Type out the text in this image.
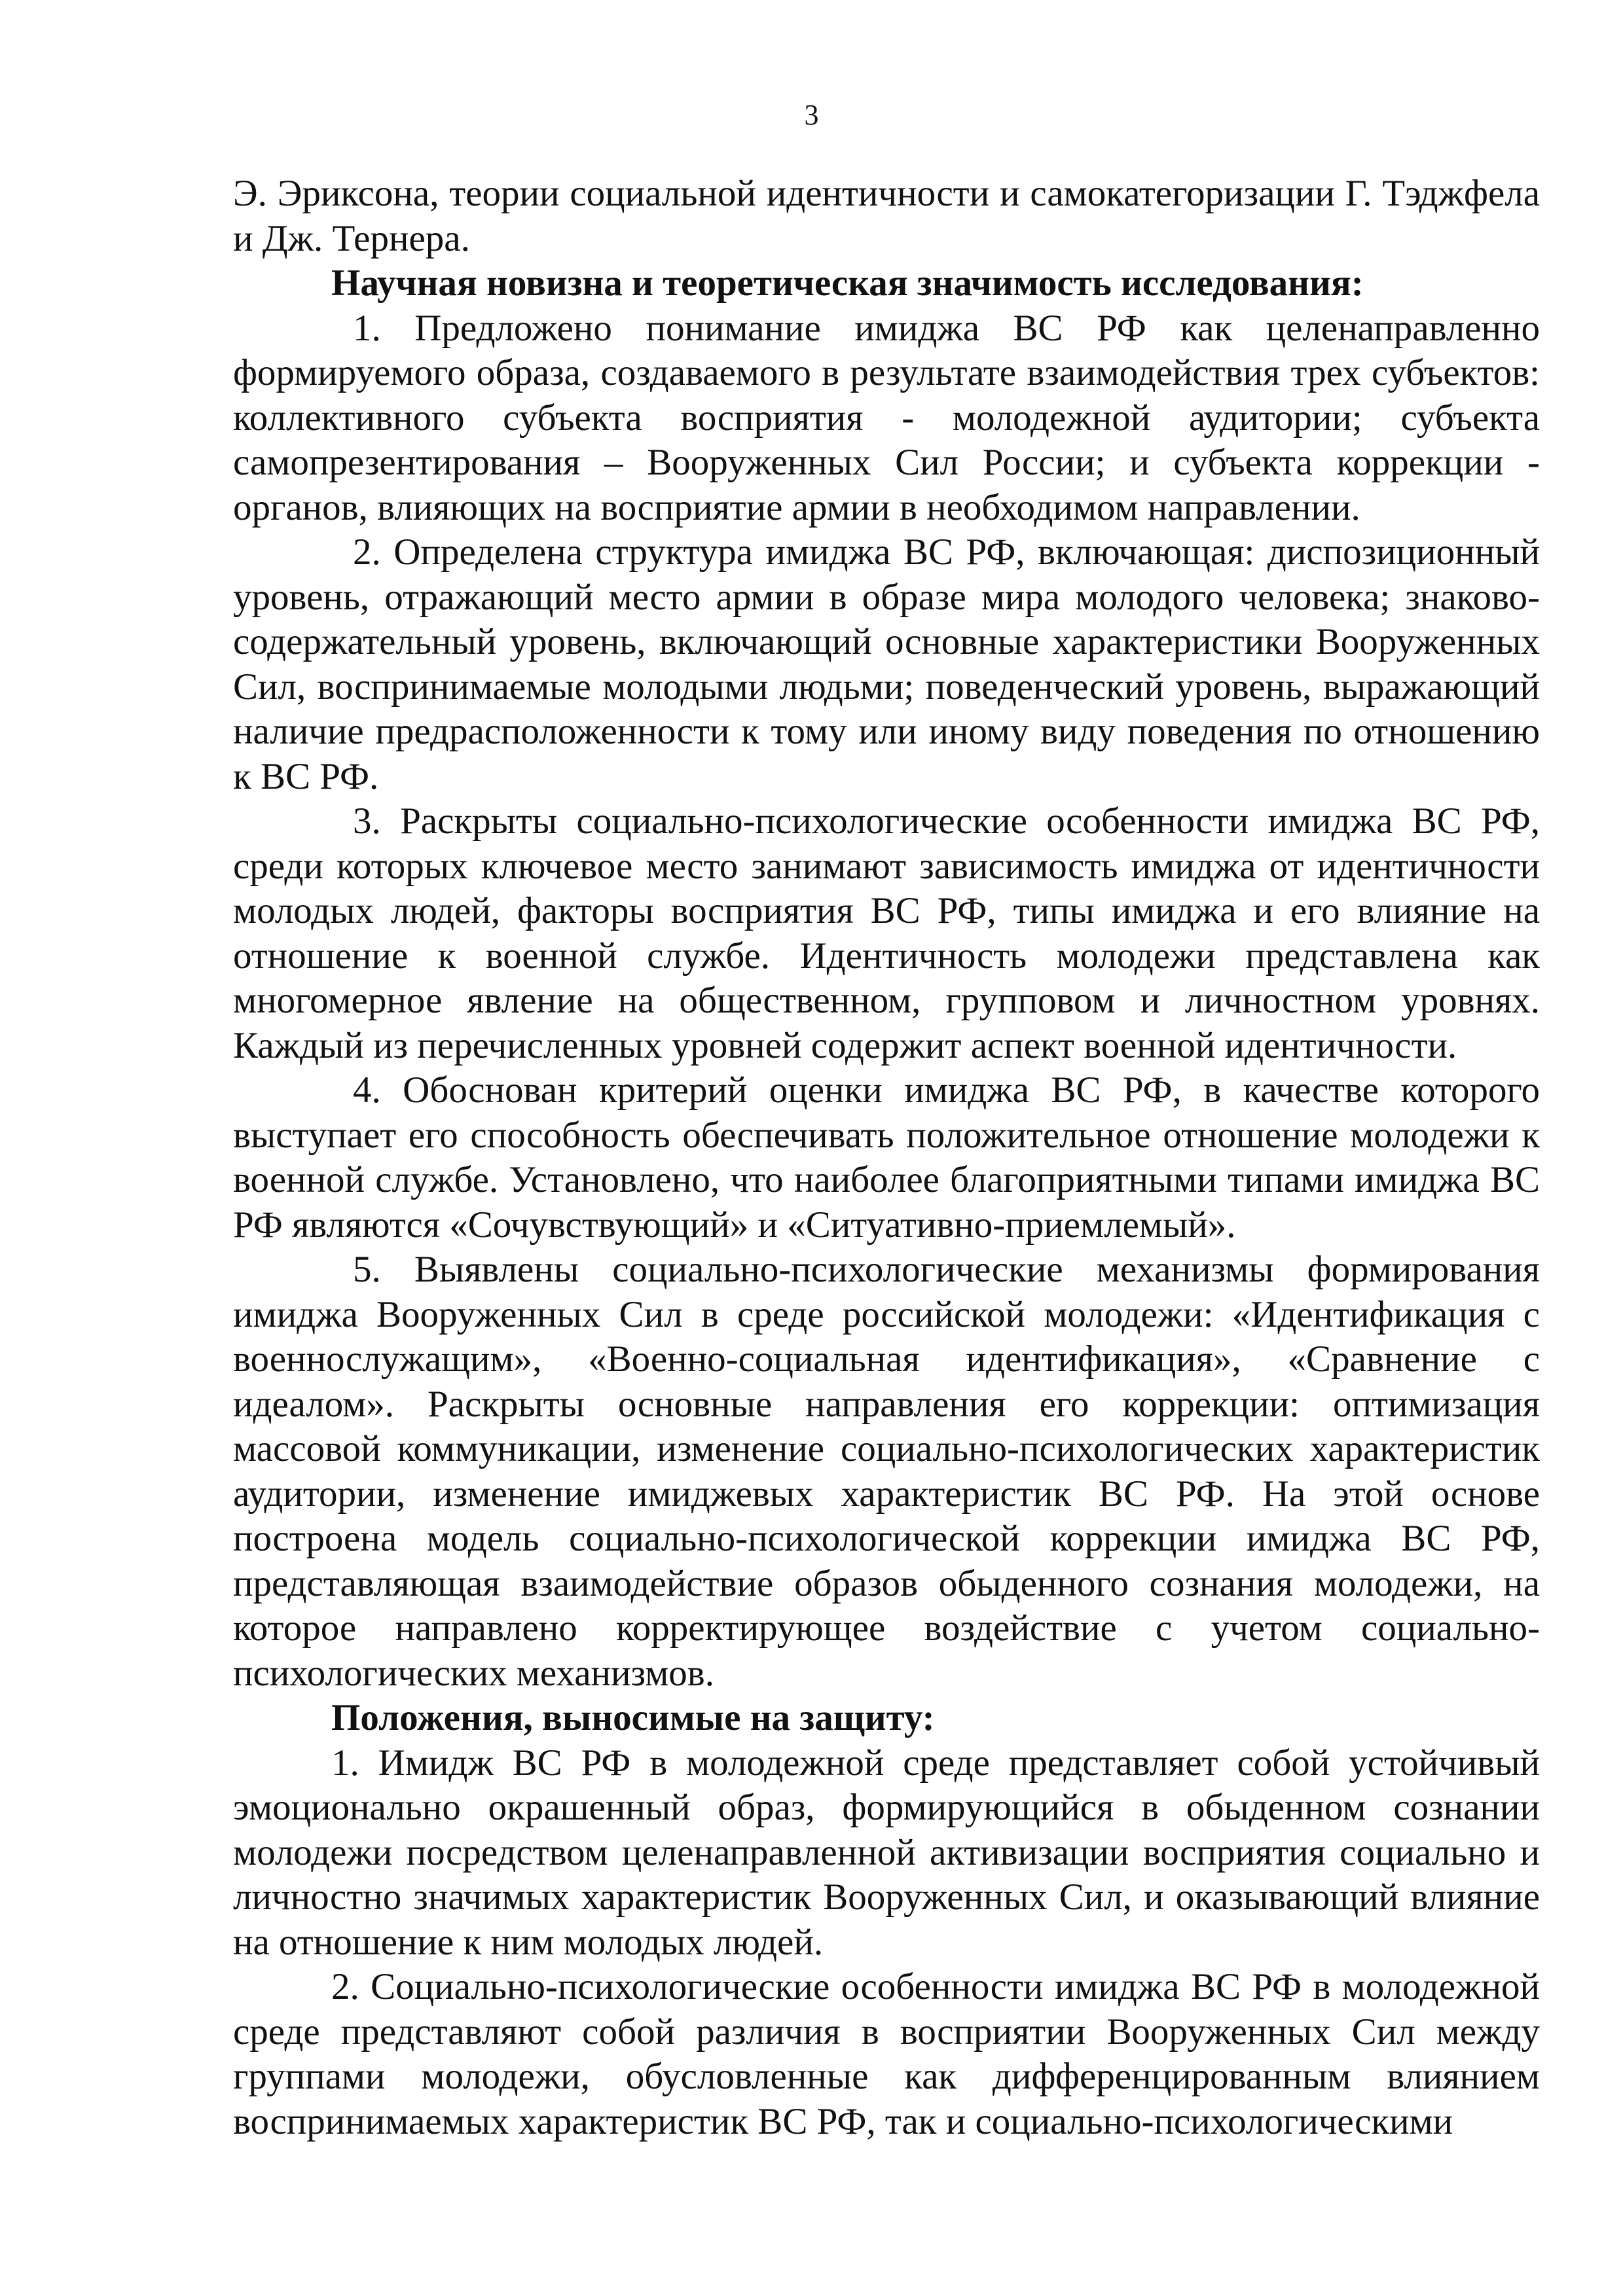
3

Э. Эриксона, теории социальной идентичности и самокатегоризации Г. Тэджфела и Дж. Тернера.

Научная новизна и теоретическая значимость исследования:

1. Предложено понимание имиджа ВС РФ как целенаправленно формируемого образа, создаваемого в результате взаимодействия трех субъектов: коллективного субъекта восприятия - молодежной аудитории; субъекта самопрезентирования – Вооруженных Сил России; и субъекта коррекции - органов, влияющих на восприятие армии в необходимом направлении.

2. Определена структура имиджа ВС РФ, включающая: диспозиционный уровень, отражающий место армии в образе мира молодого человека; знаково-содержательный уровень, включающий основные характеристики Вооруженных Сил, воспринимаемые молодыми людьми; поведенческий уровень, выражающий наличие предрасположенности к тому или иному виду поведения по отношению к ВС РФ.

3. Раскрыты социально-психологические особенности имиджа ВС РФ, среди которых ключевое место занимают зависимость имиджа от идентичности молодых людей, факторы восприятия ВС РФ, типы имиджа и его влияние на отношение к военной службе. Идентичность молодежи представлена как многомерное явление на общественном, групповом и личностном уровнях. Каждый из перечисленных уровней содержит аспект военной идентичности.

4. Обоснован критерий оценки имиджа ВС РФ, в качестве которого выступает его способность обеспечивать положительное отношение молодежи к военной службе. Установлено, что наиболее благоприятными типами имиджа ВС РФ являются «Сочувствующий» и «Ситуативно-приемлемый».

5. Выявлены социально-психологические механизмы формирования имиджа Вооруженных Сил в среде российской молодежи: «Идентификация с военнослужащим», «Военно-социальная идентификация», «Сравнение с идеалом». Раскрыты основные направления его коррекции: оптимизация массовой коммуникации, изменение социально-психологических характеристик аудитории, изменение имиджевых характеристик ВС РФ. На этой основе построена модель социально-психологической коррекции имиджа ВС РФ, представляющая взаимодействие образов обыденного сознания молодежи, на которое направлено корректирующее воздействие с учетом социально-психологических механизмов.

Положения, выносимые на защиту:

1. Имидж ВС РФ в молодежной среде представляет собой устойчивый эмоционально окрашенный образ, формирующийся в обыденном сознании молодежи посредством целенаправленной активизации восприятия социально и личностно значимых характеристик Вооруженных Сил, и оказывающий влияние на отношение к ним молодых людей.

2. Социально-психологические особенности имиджа ВС РФ в молодежной среде представляют собой различия в восприятии Вооруженных Сил между группами молодежи, обусловленные как дифференцированным влиянием воспринимаемых характеристик ВС РФ, так и социально-психологическими
